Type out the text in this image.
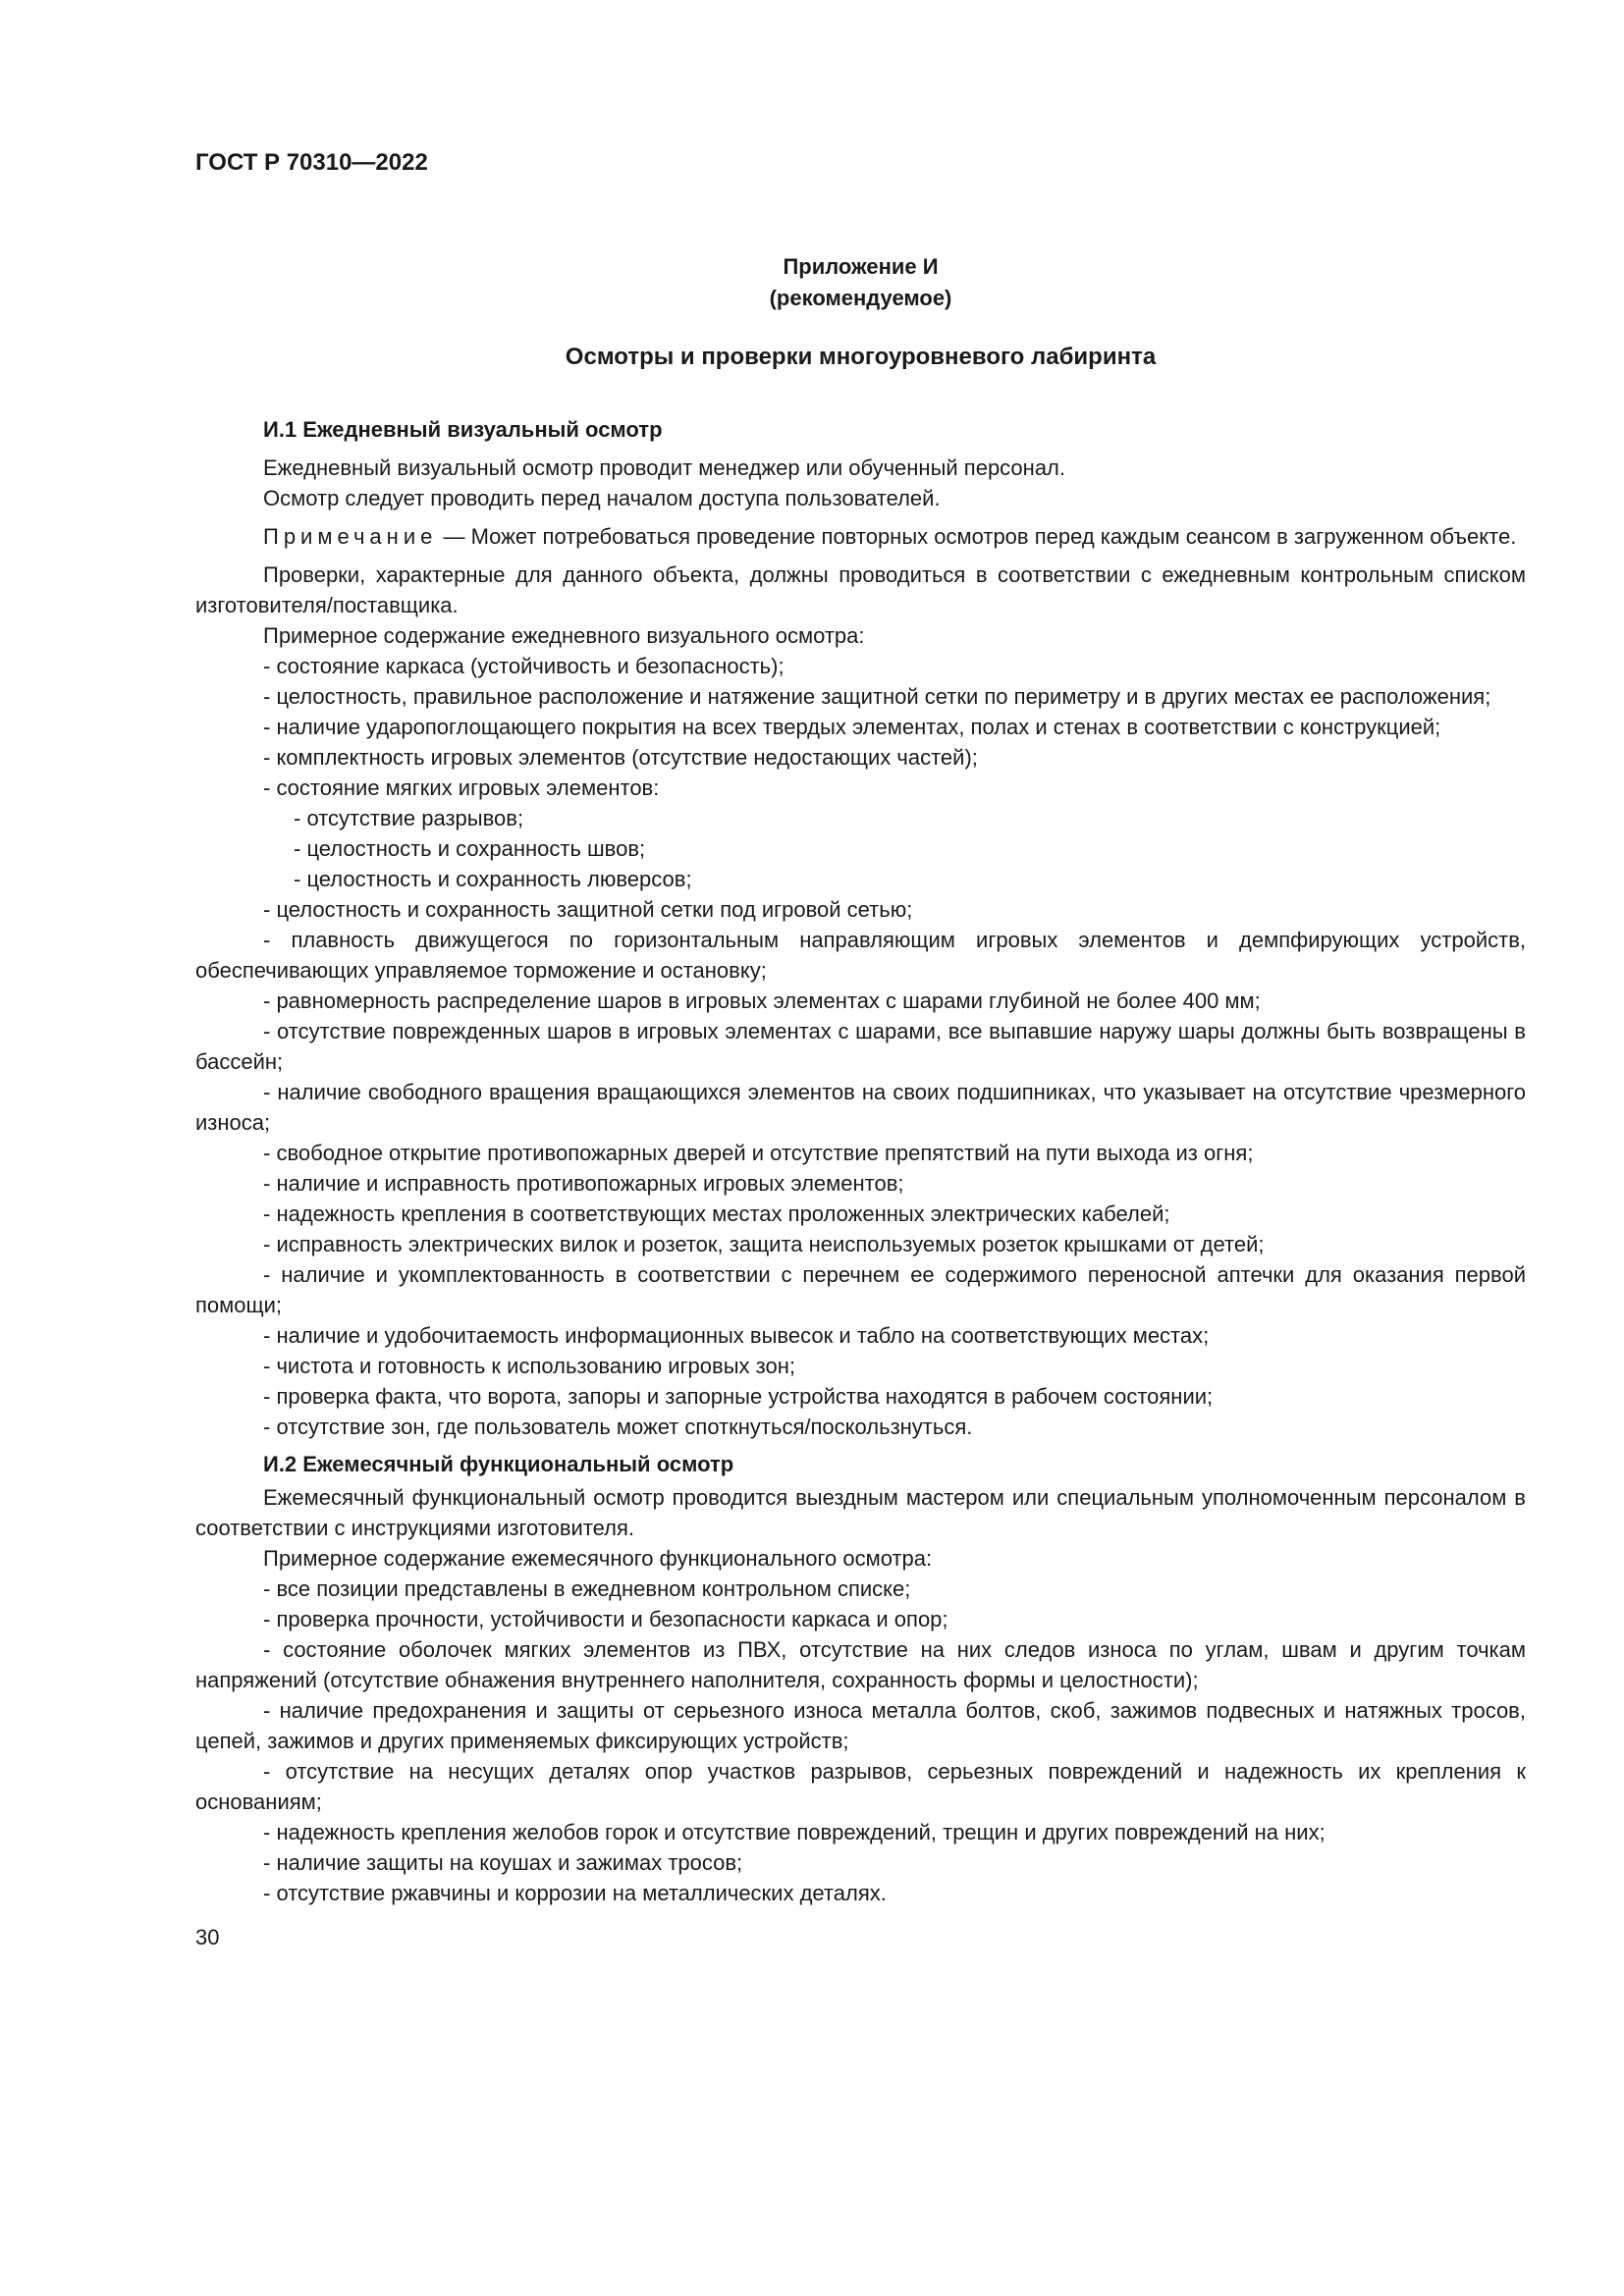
ГОСТ Р 70310—2022
Приложение И
(рекомендуемое)
Осмотры и проверки многоуровневого лабиринта
И.1 Ежедневный визуальный осмотр

Ежедневный визуальный осмотр проводит менеджер или обученный персонал.

Осмотр следует проводить перед началом доступа пользователей.

Примечание — Может потребоваться проведение повторных осмотров перед каждым сеансом в загруженном объекте.

Проверки, характерные для данного объекта, должны проводиться в соответствии с ежедневным контрольным списком изготовителя/поставщика.

Примерное содержание ежедневного визуального осмотра:

- состояние каркаса (устойчивость и безопасность);

- целостность, правильное расположение и натяжение защитной сетки по периметру и в других местах ее расположения;

- наличие ударопоглощающего покрытия на всех твердых элементах, полах и стенах в соответствии с конструкцией;

- комплектность игровых элементов (отсутствие недостающих частей);

- состояние мягких игровых элементов:

- отсутствие разрывов;

- целостность и сохранность швов;

- целостность и сохранность люверсов;

- целостность и сохранность защитной сетки под игровой сетью;

- плавность движущегося по горизонтальным направляющим игровых элементов и демпфирующих устройств, обеспечивающих управляемое торможение и остановку;

- равномерность распределение шаров в игровых элементах с шарами глубиной не более 400 мм;

- отсутствие поврежденных шаров в игровых элементах с шарами, все выпавшие наружу шары должны быть возвращены в бассейн;

- наличие свободного вращения вращающихся элементов на своих подшипниках, что указывает на отсутствие чрезмерного износа;

- свободное открытие противопожарных дверей и отсутствие препятствий на пути выхода из огня;

- наличие и исправность противопожарных игровых элементов;

- надежность крепления в соответствующих местах проложенных электрических кабелей;

- исправность электрических вилок и розеток, защита неиспользуемых розеток крышками от детей;

- наличие и укомплектованность в соответствии с перечнем ее содержимого переносной аптечки для оказания первой помощи;

- наличие и удобочитаемость информационных вывесок и табло на соответствующих местах;

- чистота и готовность к использованию игровых зон;

- проверка факта, что ворота, запоры и запорные устройства находятся в рабочем состоянии;

- отсутствие зон, где пользователь может споткнуться/поскользнуться.

И.2 Ежемесячный функциональный осмотр

Ежемесячный функциональный осмотр проводится выездным мастером или специальным уполномоченным персоналом в соответствии с инструкциями изготовителя.

Примерное содержание ежемесячного функционального осмотра:

- все позиции представлены в ежедневном контрольном списке;

- проверка прочности, устойчивости и безопасности каркаса и опор;

- состояние оболочек мягких элементов из ПВХ, отсутствие на них следов износа по углам, швам и другим точкам напряжений (отсутствие обнажения внутреннего наполнителя, сохранность формы и целостности);

- наличие предохранения и защиты от серьезного износа металла болтов, скоб, зажимов подвесных и натяжных тросов, цепей, зажимов и других применяемых фиксирующих устройств;

- отсутствие на несущих деталях опор участков разрывов, серьезных повреждений и надежность их крепления к основаниям;

- надежность крепления желобов горок и отсутствие повреждений, трещин и других повреждений на них;

- наличие защиты на коушах и зажимах тросов;

- отсутствие ржавчины и коррозии на металлических деталях.

30
